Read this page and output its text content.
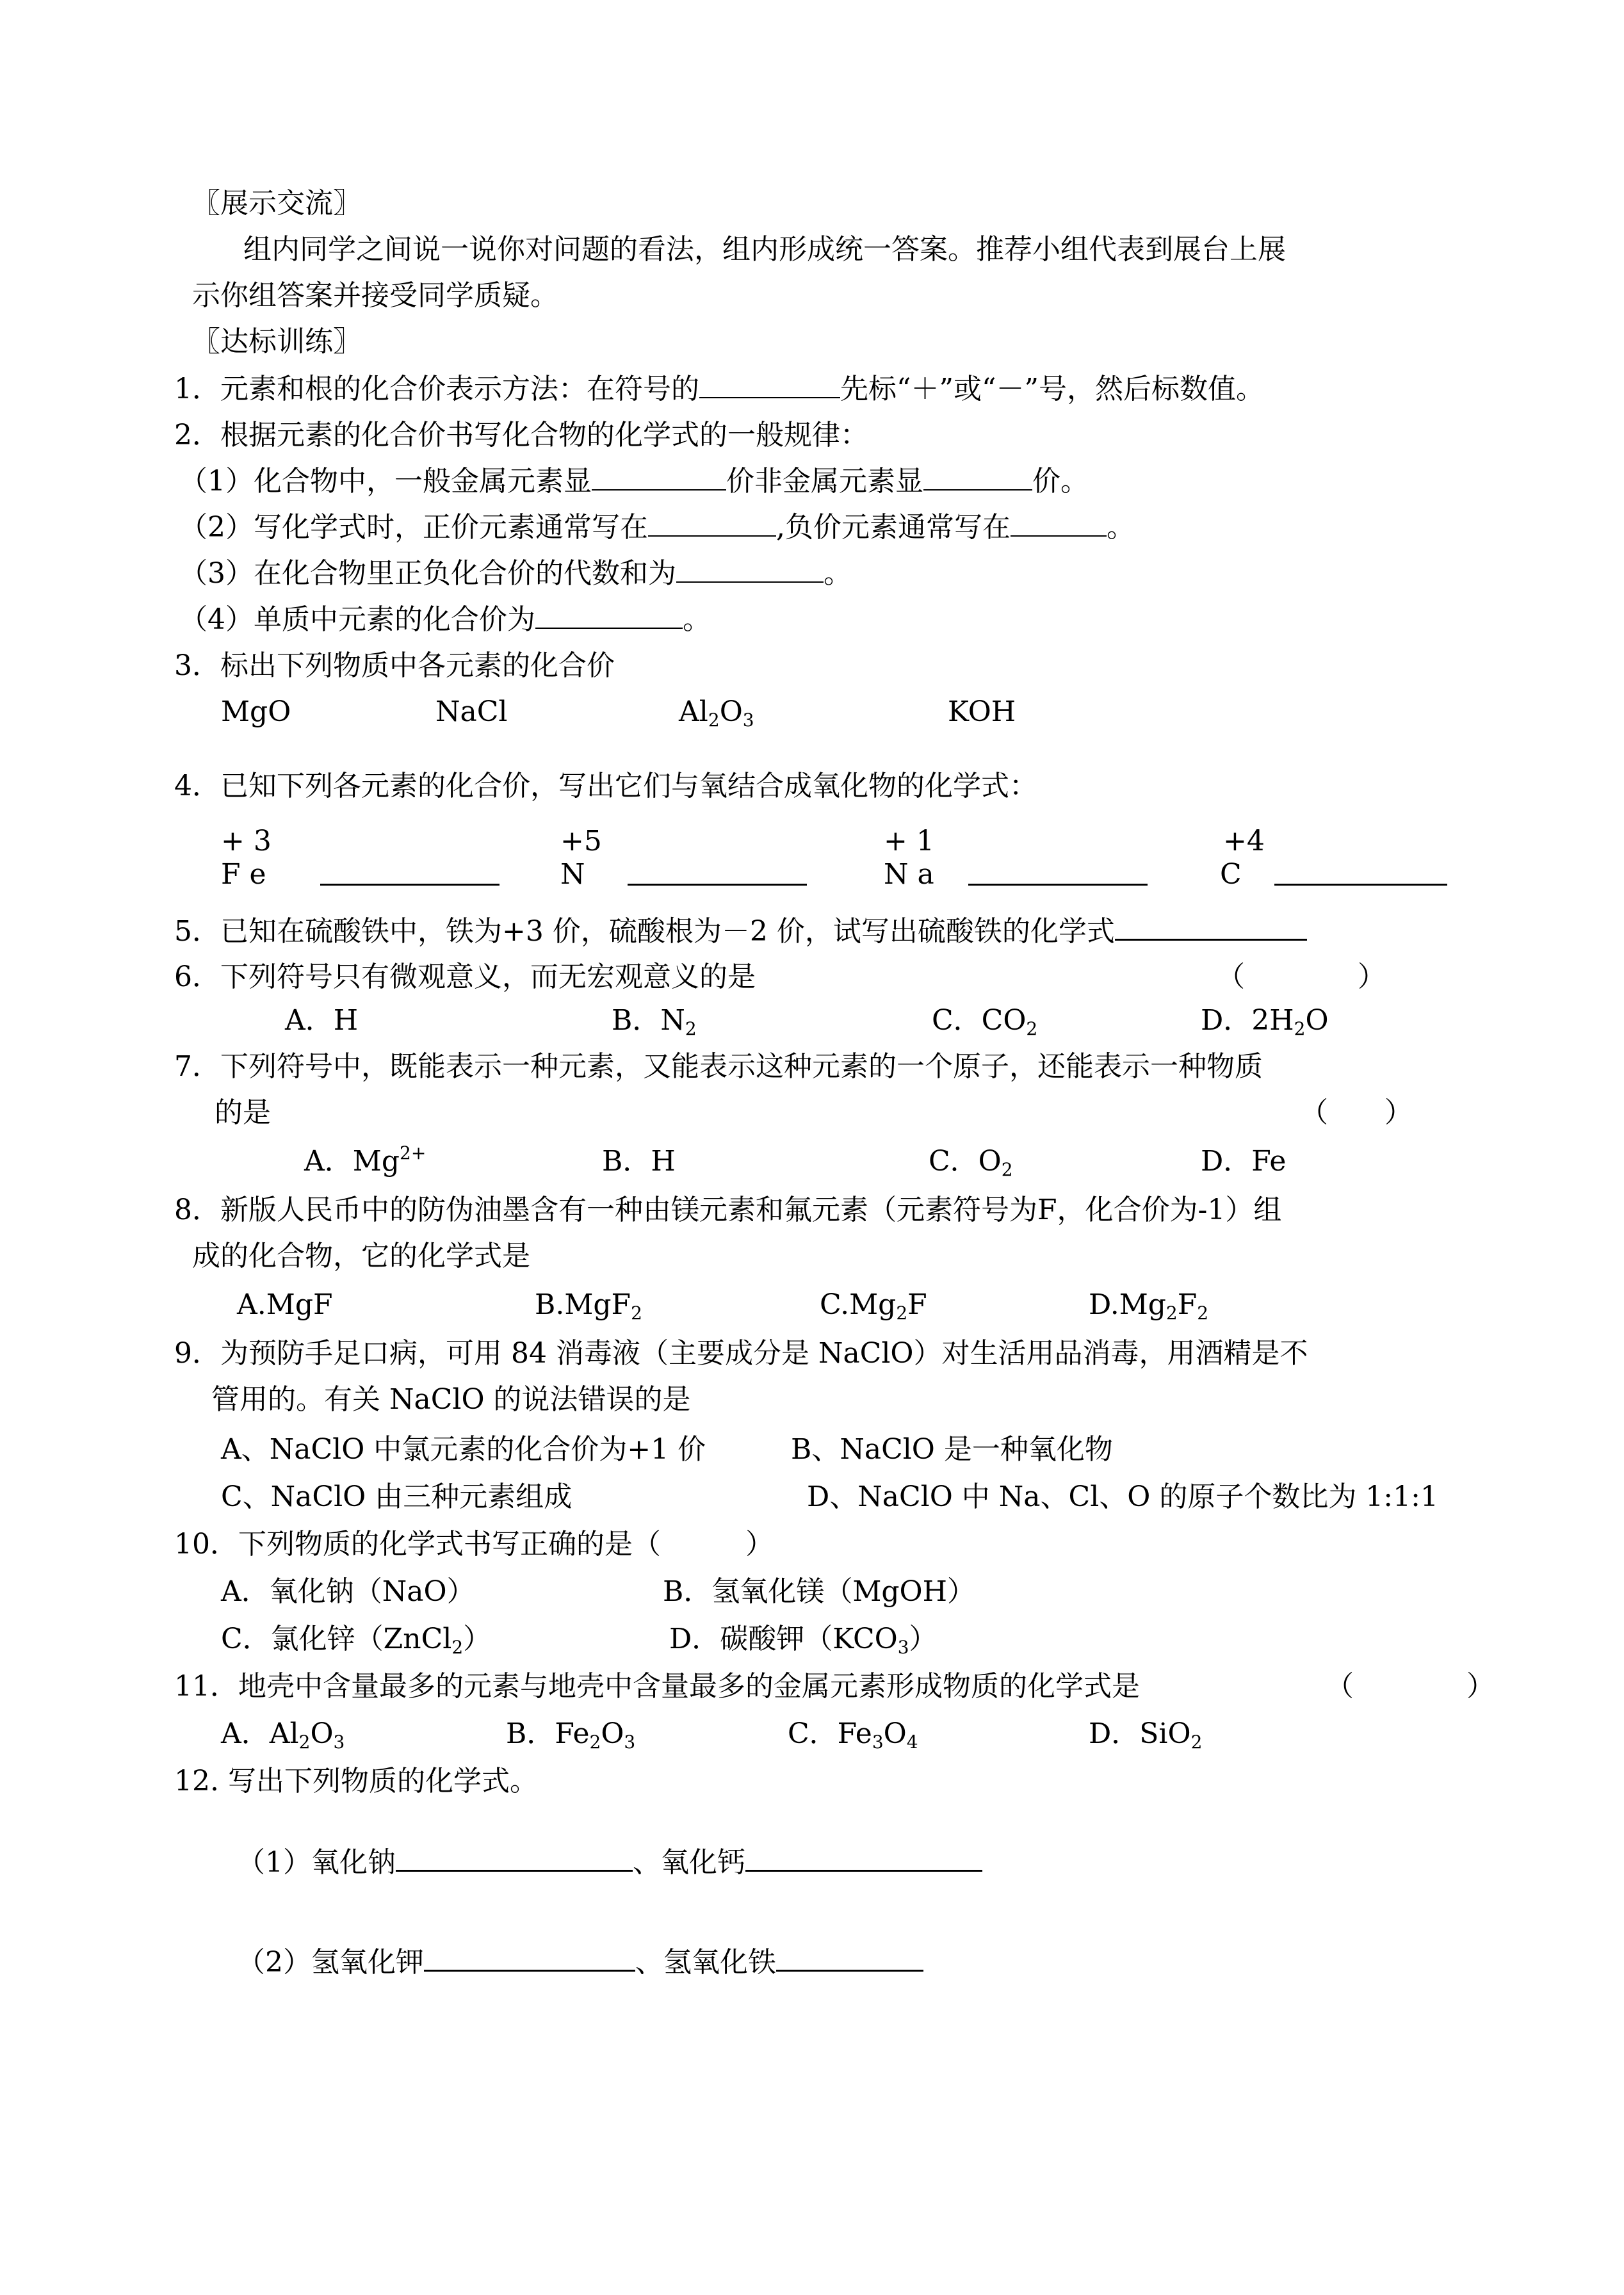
〖展示交流〗
组内同学之间说一说你对问题的看法，组内形成统一答案。推荐小组代表到展台上展
示你组答案并接受同学质疑。
〖达标训练〗
1．元素和根的化合价表示方法：在符号的	先标“＋”或“－”号，然后标数值。
2．根据元素的化合价书写化合物的化学式的一般规律：
（1）化合物中，一般金属元素显	价非金属元素显	价。
（2）写化学式时，正价元素通常写在	,负价元素通常写在	。
（3）在化合物里正负化合价的代数和为	。
（4）单质中元素的化合价为	。
3．标出下列物质中各元素的化合价
MgO	NaCl	$Al_2O_3$	KOH
4．已知下列各元素的化合价，写出它们与氧结合成氧化物的化学式：
+ 3
F e
+5
N
+ 1
N a
+4
C
5．已知在硫酸铁中，铁为+3 价，硫酸根为－2 价，试写出硫酸铁的化学式
6．下列符号只有微观意义，而无宏观意义的是	（　　　　）
A．H	B．$N_2$	C．$CO_2$	D．$2H_2O$
7．下列符号中，既能表示一种元素，又能表示这种元素的一个原子，还能表示一种物质
的是	（　　）
A．$Mg^{2+}$	B．H	C．$O_2$	D．Fe
8．新版人民币中的防伪油墨含有一种由镁元素和氟元素（元素符号为F，化合价为-1）组
成的化合物，它的化学式是
A.MgF	B.MgF$_2$	$C.Mg_2F$	$D.Mg_2F_2$
9．为预防手足口病，可用 84 消毒液（主要成分是 NaClO）对生活用品消毒，用酒精是不
管用的。有关 NaClO 的说法错误的是
A、NaClO 中氯元素的化合价为+1 价	B、NaClO 是一种氧化物
C、NaClO 由三种元素组成	D、NaClO 中 Na、Cl、O 的原子个数比为 1:1:1
10．下列物质的化学式书写正确的是（　　　）
A．氧化钠（NaO）	B．氢氧化镁（MgOH）
C．氯化锌（ZnCl$_2$）	D．碳酸钾$(KCO_3)$
11．地壳中含量最多的元素与地壳中含量最多的金属元素形成物质的化学式是	（　　　　）
A．$Al_2O_3$	B．$Fe_2O_3$	C．$Fe_3O_4$	D．SiO$_2$
12. 写出下列物质的化学式。
（1）氧化钠	、氧化钙
（2）氢氧化钾	、氢氧化铁
